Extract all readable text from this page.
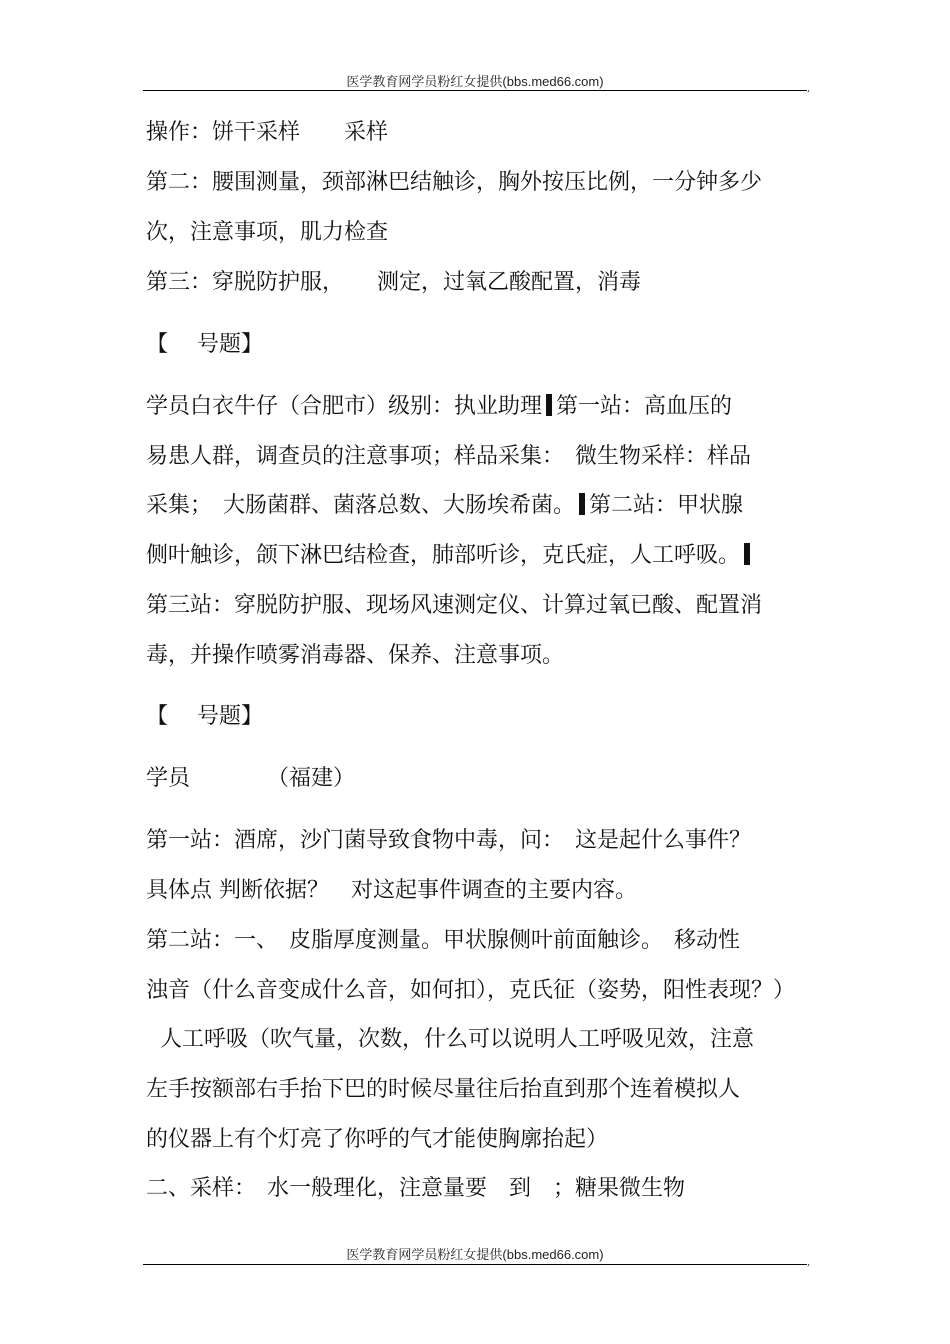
医学教育网学员粉红女提供(bbs.med66.com)	,
操作：饼干采样　　采样
第二：腰围测量，颈部淋巴结触诊，胸外按压比例，一分钟多少
次，注意事项，肌力检查
第三：穿脱防护服，　　测定，过氧乙酸配置，消毒
【　 号题】
学员白衣牛仔（合肥市）级别：执业助理 第一站：高血压的
易患人群，调查员的注意事项；样品采集：　微生物采样：样品
采集；　大肠菌群、菌落总数、大肠埃希菌。 第二站：甲状腺
侧叶触诊，颌下淋巴结检查，肺部听诊，克氏症，人工呼吸。
第三站：穿脱防护服、现场风速测定仪、计算过氧已酸、配置消
毒，并操作喷雾消毒器、保养、注意事项。
【　 号题】
学员　　　　（福建）
第一站：酒席，沙门菌导致食物中毒，问：　这是起什么事件？
具体点 判断依据？　对这起事件调查的主要内容。
第二站：一、　皮脂厚度测量。甲状腺侧叶前面触诊。　移动性
浊音（什么音变成什么音，如何扣），克氏征（姿势，阳性表现？）
人工呼吸（吹气量，次数，什么可以说明人工呼吸见效，注意
左手按额部右手抬下巴的时候尽量往后抬直到那个连着模拟人
的仪器上有个灯亮了你呼的气才能使胸廓抬起）
二、采样：　水一般理化，注意量要　到　；糖果微生物
医学教育网学员粉红女提供(bbs.med66.com)
,
